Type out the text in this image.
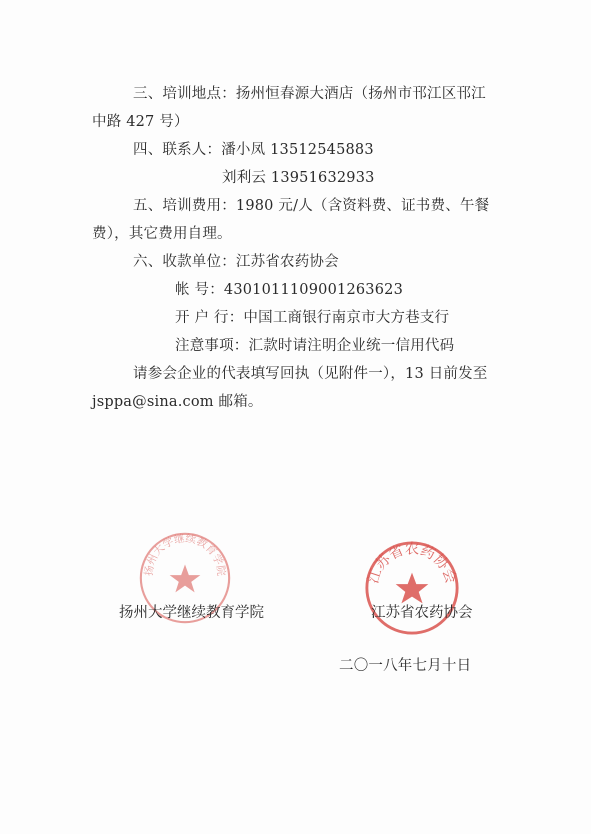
三、培训地点：扬州恒春源大酒店（扬州市邗江区邗江
中路 427 号）
四、联系人：潘小凤 13512545883
刘利云 13951632933
五、培训费用：1980 元/人（含资料费、证书费、午餐
费），其它费用自理。
六、收款单位：江苏省农药协会
帐 号：4301011109001263623
开 户 行：中国工商银行南京市大方巷支行
注意事项：汇款时请注明企业统一信用代码
请参会企业的代表填写回执（见附件一），13 日前发至
jsppa@sina.com 邮箱。
扬州大学继续教育学院
扬州大学继续教育学院
江苏省农药协会
江苏省农药协会
二〇一八年七月十日
